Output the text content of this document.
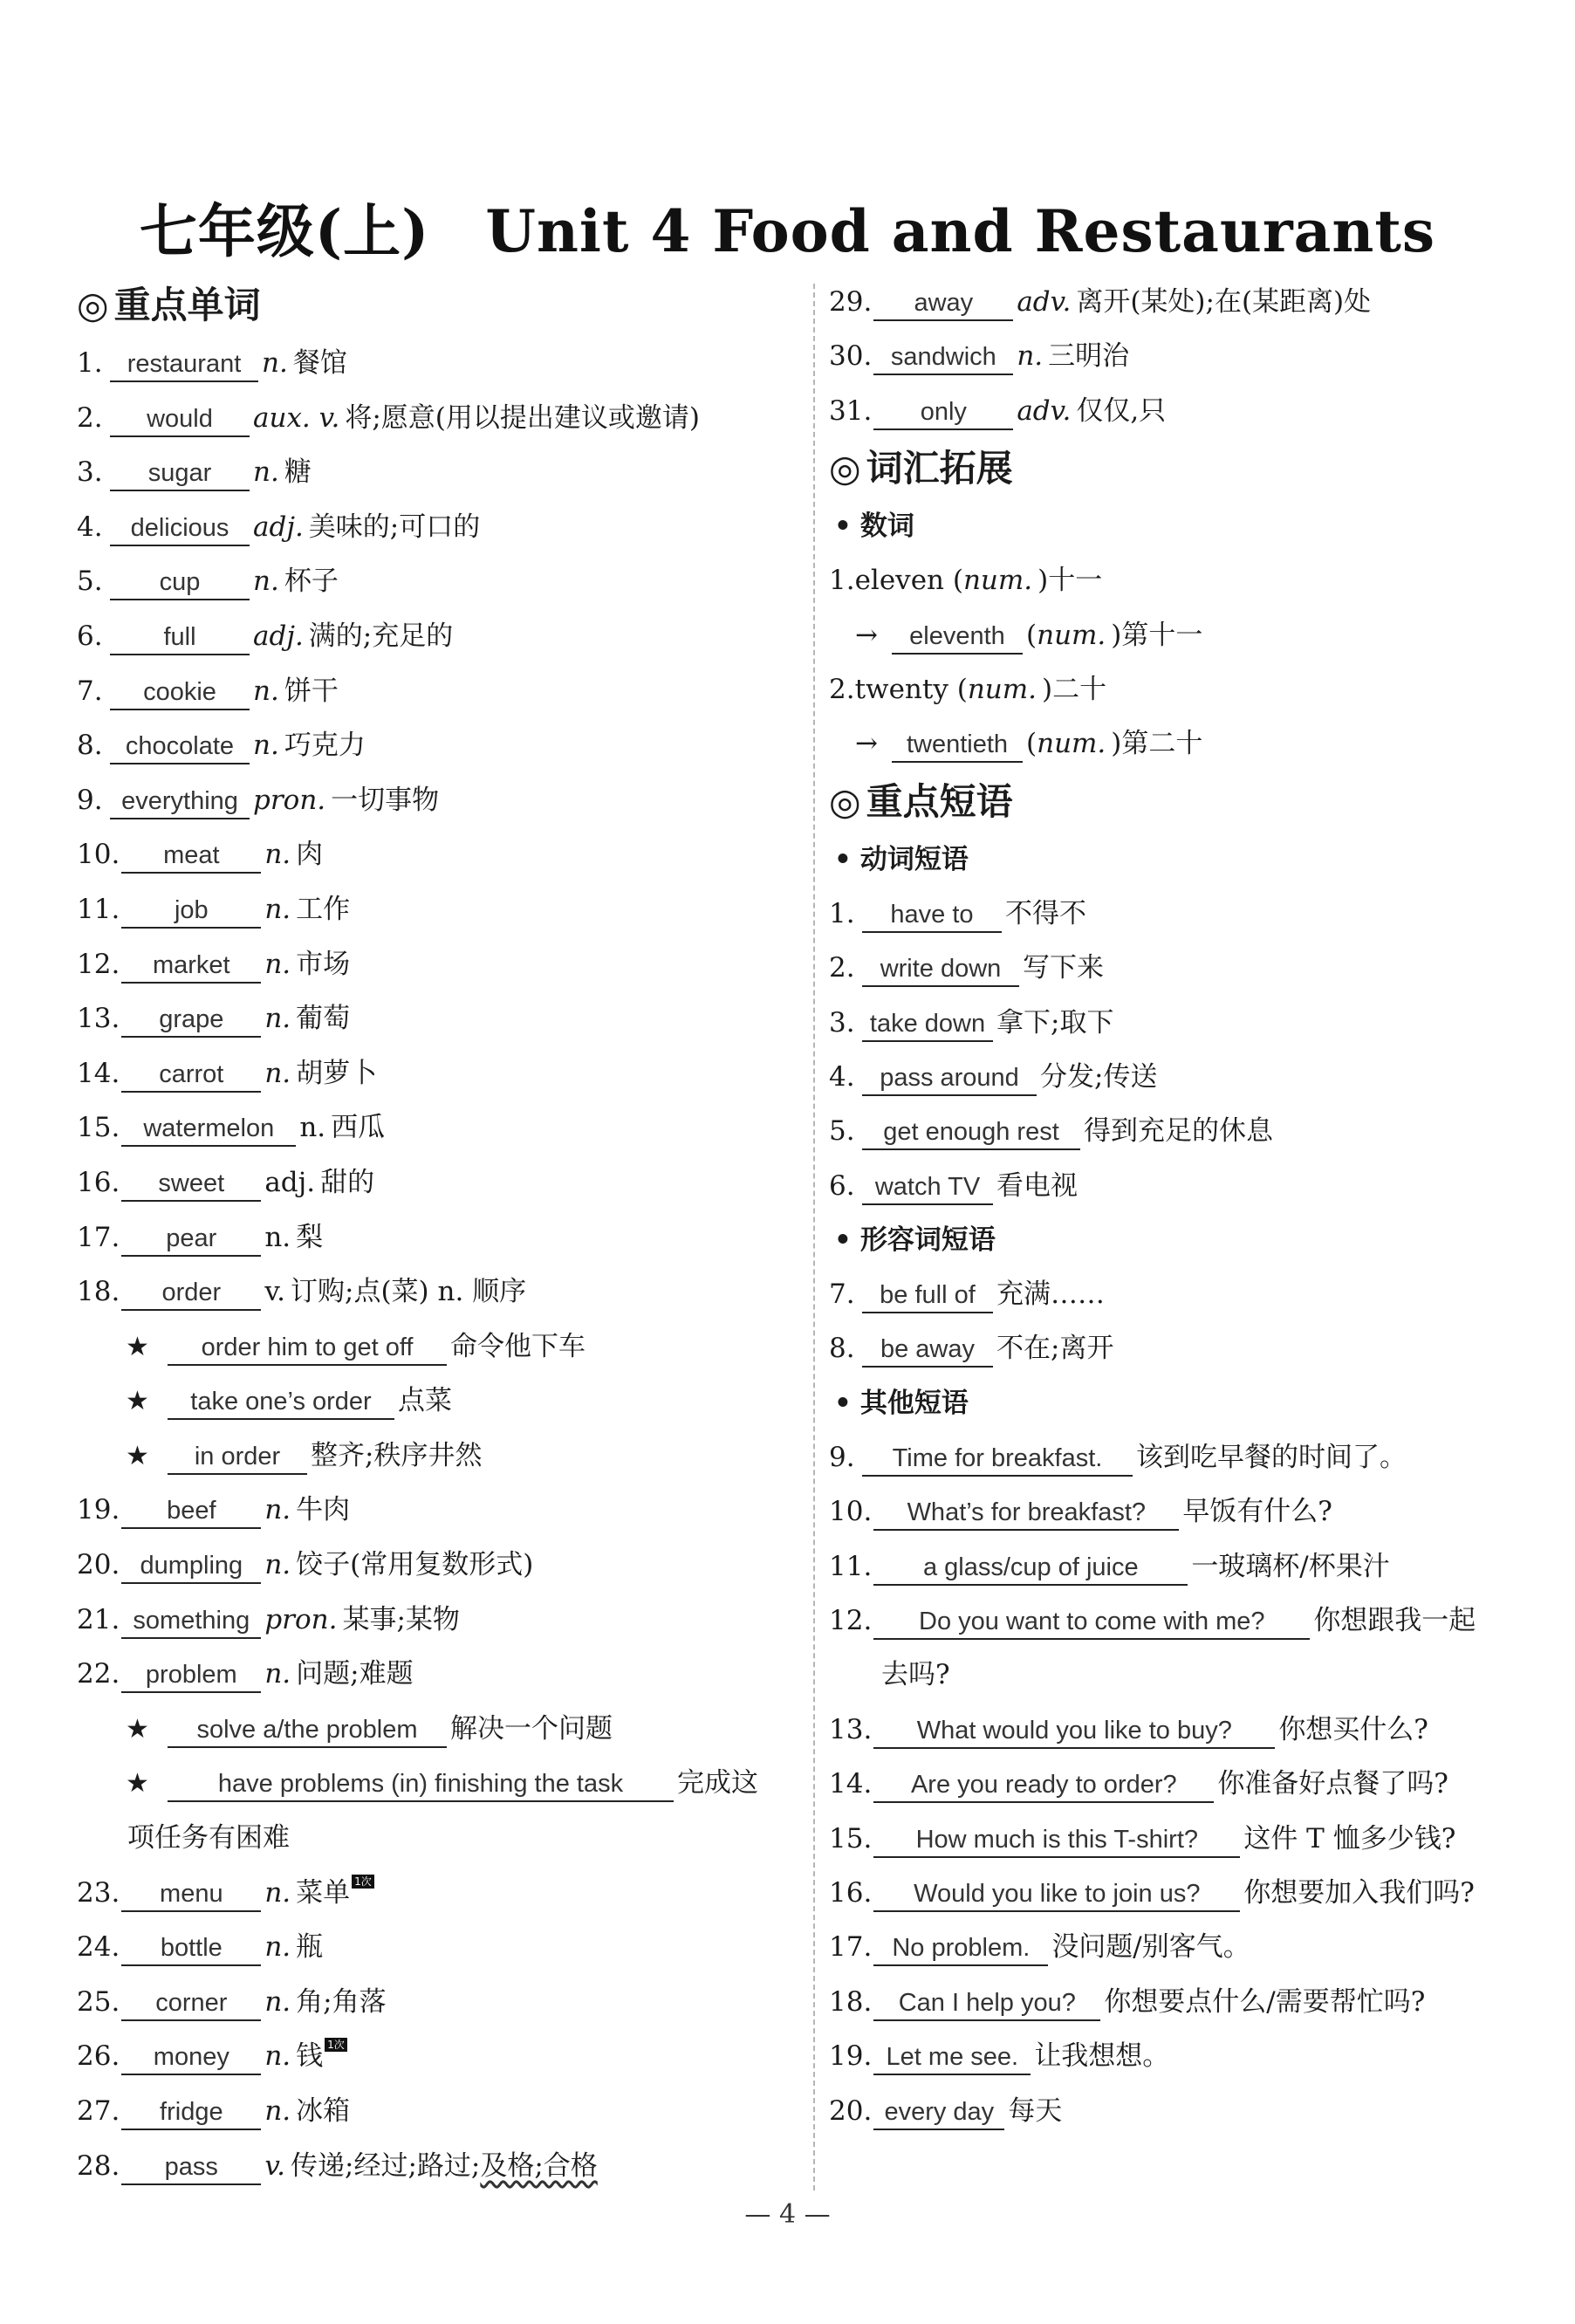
七年级(上) Unit 4 Food and Restaurants
◎ 重点单词
1. restaurant n. 餐馆
2. would aux. v. 将;愿意(用以提出建议或邀请)
3. sugar n. 糖
4. delicious adj. 美味的;可口的
5. cup n. 杯子
6. full adj. 满的;充足的
7. cookie n. 饼干
8. chocolate n. 巧克力
9. everything pron. 一切事物
10. meat n. 肉
11. job n. 工作
12. market n. 市场
13. grape n. 葡萄
14. carrot n. 胡萝卜
15. watermelon n. 西瓜
16. sweet adj. 甜的
17. pear n. 梨
18. order v. 订购;点(菜) n. 顺序
★ order him to get off 命令他下车
★ take one’s order 点菜
★ in order 整齐;秩序井然
19. beef n. 牛肉
20. dumpling n. 饺子(常用复数形式)
21. something pron. 某事;某物
22. problem n. 问题;难题
★ solve a/the problem 解决一个问题
★	have problems (in) finishing the task 完成这
项任务有困难
23. menu n. 菜单 1次
24. bottle n. 瓶
25. corner n. 角;角落
26. money n. 钱 1次
27. fridge n. 冰箱
28. pass v. 传递;经过;路过;及格;合格
29. away adv. 离开(某处);在(某距离)处
30. sandwich n. 三明治
31. only adv. 仅仅,只
◎ 词汇拓展
• 数词
1.eleven (num. )十一
→ eleventh (num. )第十一
2.twenty (num. )二十
→ twentieth (num. )第二十
◎ 重点短语
• 动词短语
1. have to 不得不
2. write down 写下来
3. take down 拿下;取下
4. pass around 分发;传送
5. get enough rest 得到充足的休息
6. watch TV 看电视
• 形容词短语
7. be full of 充满……
8. be away 不在;离开
• 其他短语
9. Time for breakfast. 该到吃早餐的时间了。
10. What’s for breakfast? 早饭有什么?
11. a glass/cup of juice 一玻璃杯/杯果汁
12. Do you want to come with me? 你想跟我一起
去吗?
13. What would you like to buy? 你想买什么?
14. Are you ready to order? 你准备好点餐了吗?
15. How much is this T-shirt? 这件 T 恤多少钱?
16. Would you like to join us? 你想要加入我们吗?
17. No problem. 没问题/别客气。
18. Can I help you? 你想要点什么/需要帮忙吗?
19. Let me see. 让我想想。
20. every day 每天
— 4 —
